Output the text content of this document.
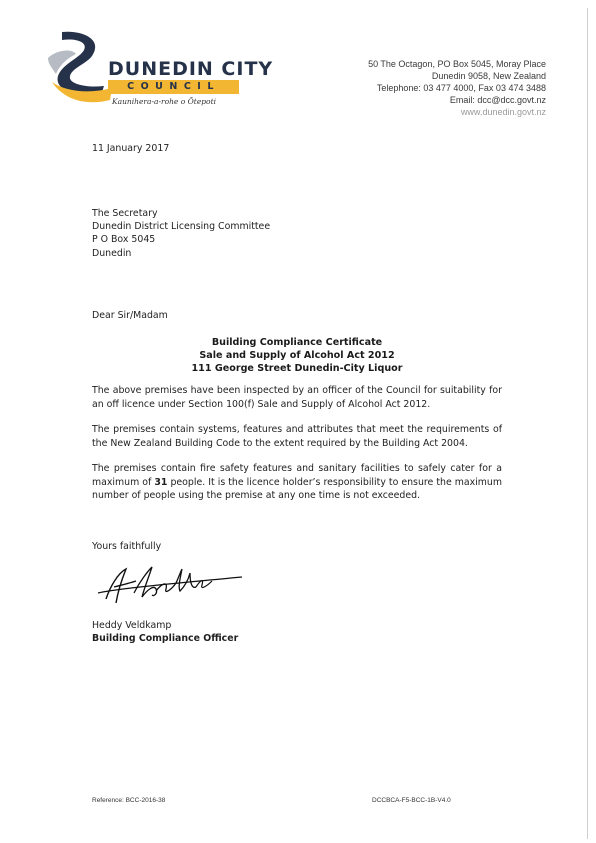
DUNEDIN CITY
COUNCIL
Kaunihera-a-rohe o Ōtepoti
50 The Octagon, PO Box 5045, Moray Place
Dunedin 9058, New Zealand
Telephone: 03 477 4000, Fax 03 474 3488
Email: dcc@dcc.govt.nz
www.dunedin.govt.nz
11 January 2017
The Secretary
Dunedin District Licensing Committee
P O Box 5045
Dunedin
Dear Sir/Madam
Building Compliance Certificate
Sale and Supply of Alcohol Act 2012
111 George Street Dunedin-City Liquor
The above premises have been inspected by an officer of the Council for suitability for an off licence under Section 100(f) Sale and Supply of Alcohol Act 2012.
The premises contain systems, features and attributes that meet the requirements of the New Zealand Building Code to the extent required by the Building Act 2004.
The premises contain fire safety features and sanitary facilities to safely cater for a maximum of 31 people. It is the licence holder’s responsibility to ensure the maximum number of people using the premise at any one time is not exceeded.
Yours faithfully
Heddy Veldkamp
Building Compliance Officer
Reference: BCC-2016-38	DCCBCA-F5-BCC-1B-V4.0
